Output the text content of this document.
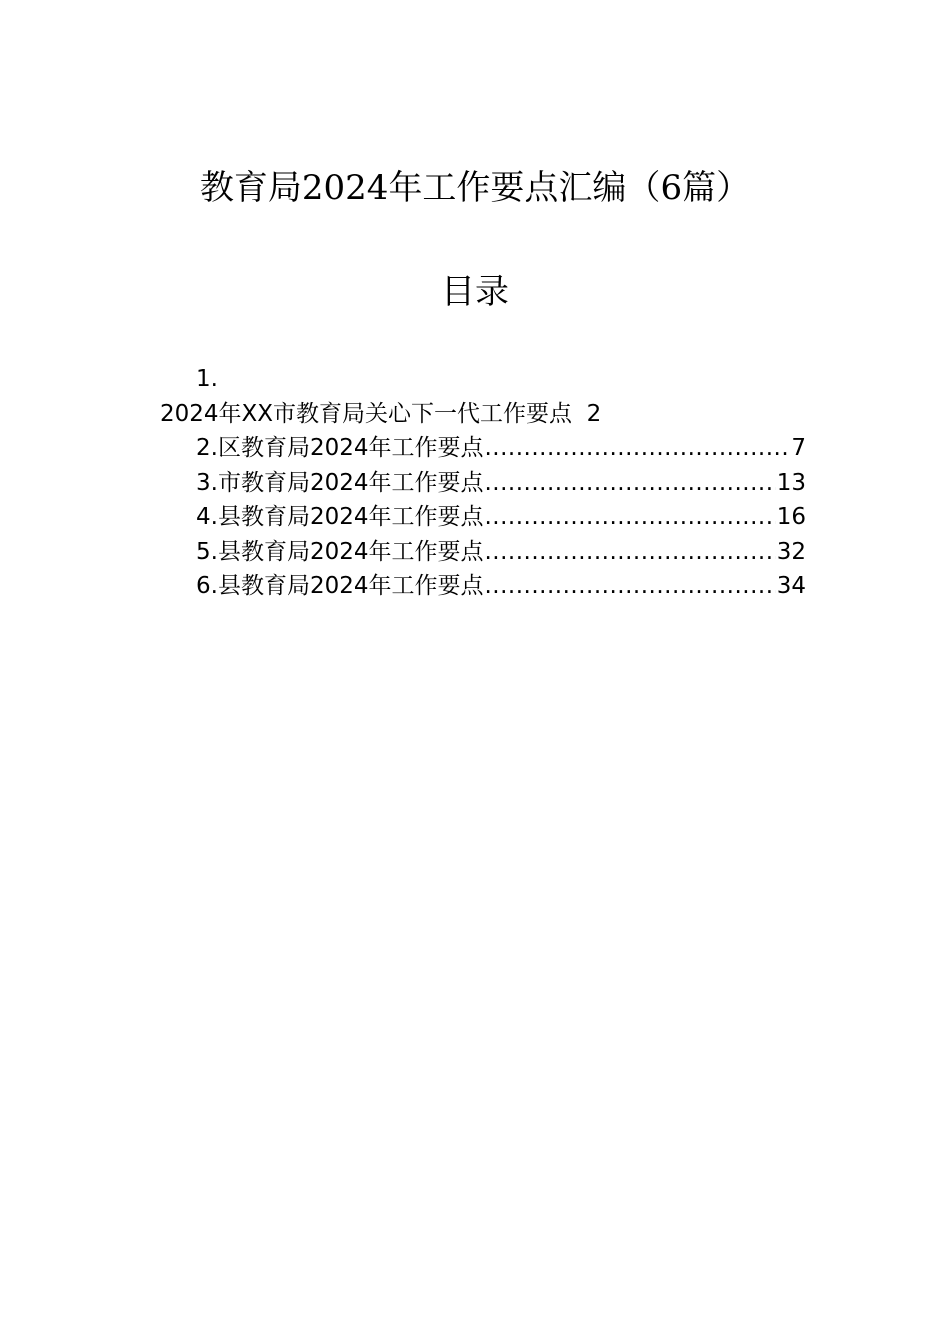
教育局2024年工作要点汇编（6篇）
目录
1.
2024年XX市教育局关心下一代工作要点 2
2. 区教育局2024年工作要点 .....	7
3. 市教育局2024年工作要点 .....	13
4. 县教育局2024年工作要点 .....	16
5. 县教育局2024年工作要点 .....	32
6. 县教育局2024年工作要点 .....	34
